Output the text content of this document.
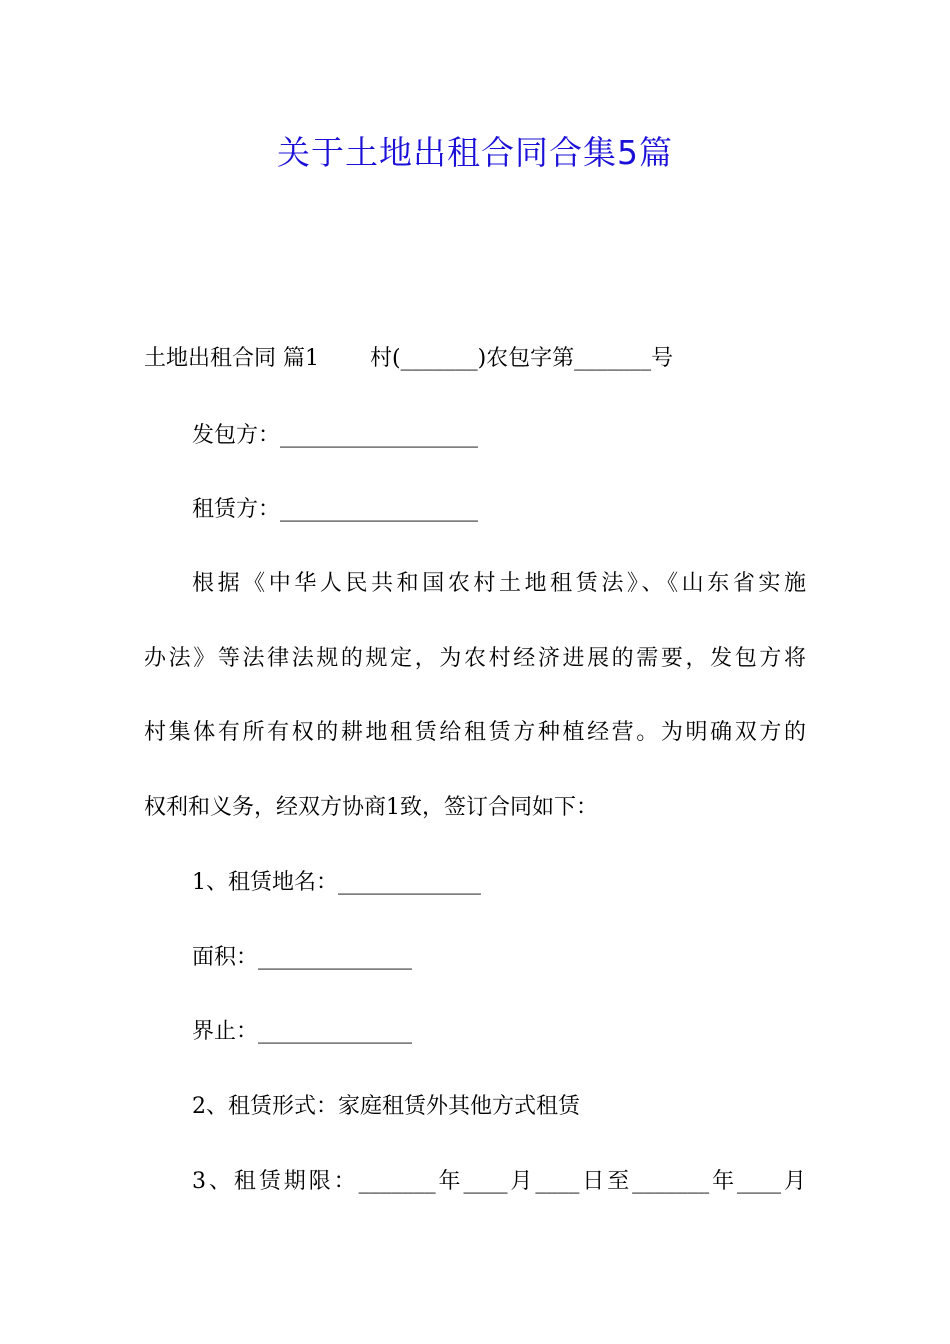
关于土地出租合同合集5篇
土地出租合同 篇1　　 村(_______)农包字第_______号
发包方：__________________
租赁方：__________________
根据《中华人民共和国农村土地租赁法》、《山东省实施
办法》等法律法规的规定，为农村经济进展的需要，发包方将
村集体有所有权的耕地租赁给租赁方种植经营。为明确双方的
权利和义务，经双方协商1致，签订合同如下：
1、租赁地名：_____________
面积：______________
界止：______________
2、租赁形式：家庭租赁外其他方式租赁
3、租赁期限：_______年____月____日至_______年____月
